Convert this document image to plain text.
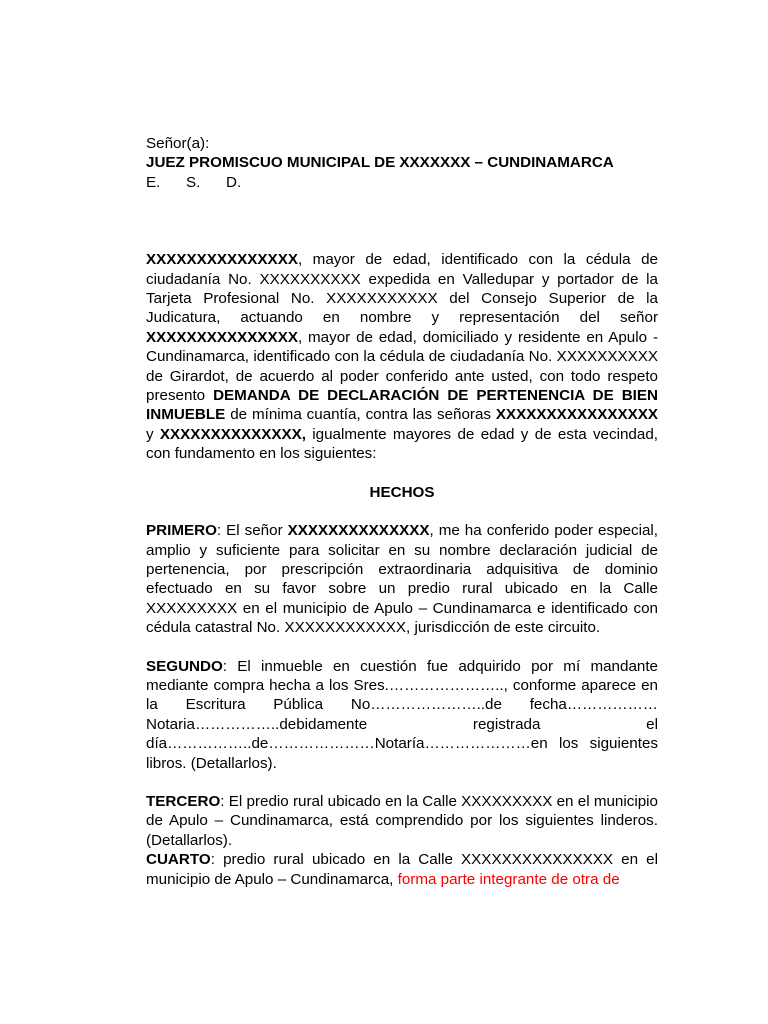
Señor(a):
JUEZ PROMISCUO MUNICIPAL DE XXXXXXX – CUNDINAMARCA
E. S. D.

XXXXXXXXXXXXXXX, mayor de edad, identificado con la cédula de ciudadanía No. XXXXXXXXXX expedida en Valledupar y portador de la Tarjeta Profesional No. XXXXXXXXXXX del Consejo Superior de la Judicatura, actuando en nombre y representación del señor XXXXXXXXXXXXXXX, mayor de edad, domiciliado y residente en Apulo - Cundinamarca, identificado con la cédula de ciudadanía No. XXXXXXXXXX de Girardot, de acuerdo al poder conferido ante usted, con todo respeto presento DEMANDA DE DECLARACIÓN DE PERTENENCIA DE BIEN INMUEBLE de mínima cuantía, contra las señoras XXXXXXXXXXXXXXXX y XXXXXXXXXXXXXX, igualmente mayores de edad y de esta vecindad, con fundamento en los siguientes:

HECHOS

PRIMERO: El señor XXXXXXXXXXXXXX, me ha conferido poder especial, amplio y suficiente para solicitar en su nombre declaración judicial de pertenencia, por prescripción extraordinaria adquisitiva de dominio efectuado en su favor sobre un predio rural ubicado en la Calle XXXXXXXXX en el municipio de Apulo – Cundinamarca e identificado con cédula catastral No. XXXXXXXXXXXX, jurisdicción de este circuito.

SEGUNDO: El inmueble en cuestión fue adquirido por mí mandante mediante compra hecha a los Sres.………………….., conforme aparece en la Escritura Pública No…………………..de fecha………………Notaria……………..debidamente registrada el día……………..de…………………Notaría…………………en los siguientes libros. (Detallarlos).

TERCERO: El predio rural ubicado en la Calle XXXXXXXXX en el municipio de Apulo – Cundinamarca, está comprendido por los siguientes linderos. (Detallarlos).

CUARTO: predio rural ubicado en la Calle XXXXXXXXXXXXXXX en el municipio de Apulo – Cundinamarca, forma parte integrante de otra de
